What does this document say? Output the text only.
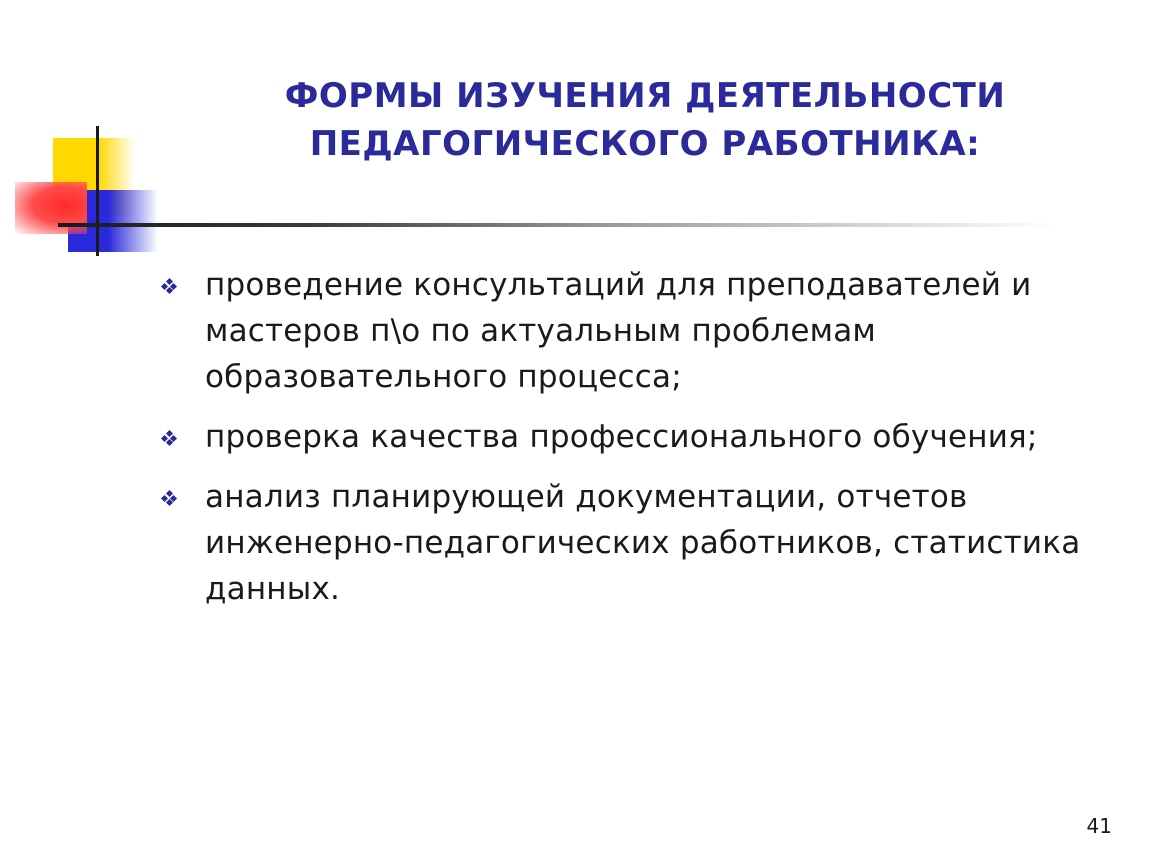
ФОРМЫ ИЗУЧЕНИЯ ДЕЯТЕЛЬНОСТИ
ПЕДАГОГИЧЕСКОГО РАБОТНИКА:
проведение консультаций для преподавателей и мастеров п\о по актуальным проблемам образовательного процесса;
проверка качества профессионального обучения;
анализ планирующей документации, отчетов инженерно-педагогических работников, статистика данных.
41
